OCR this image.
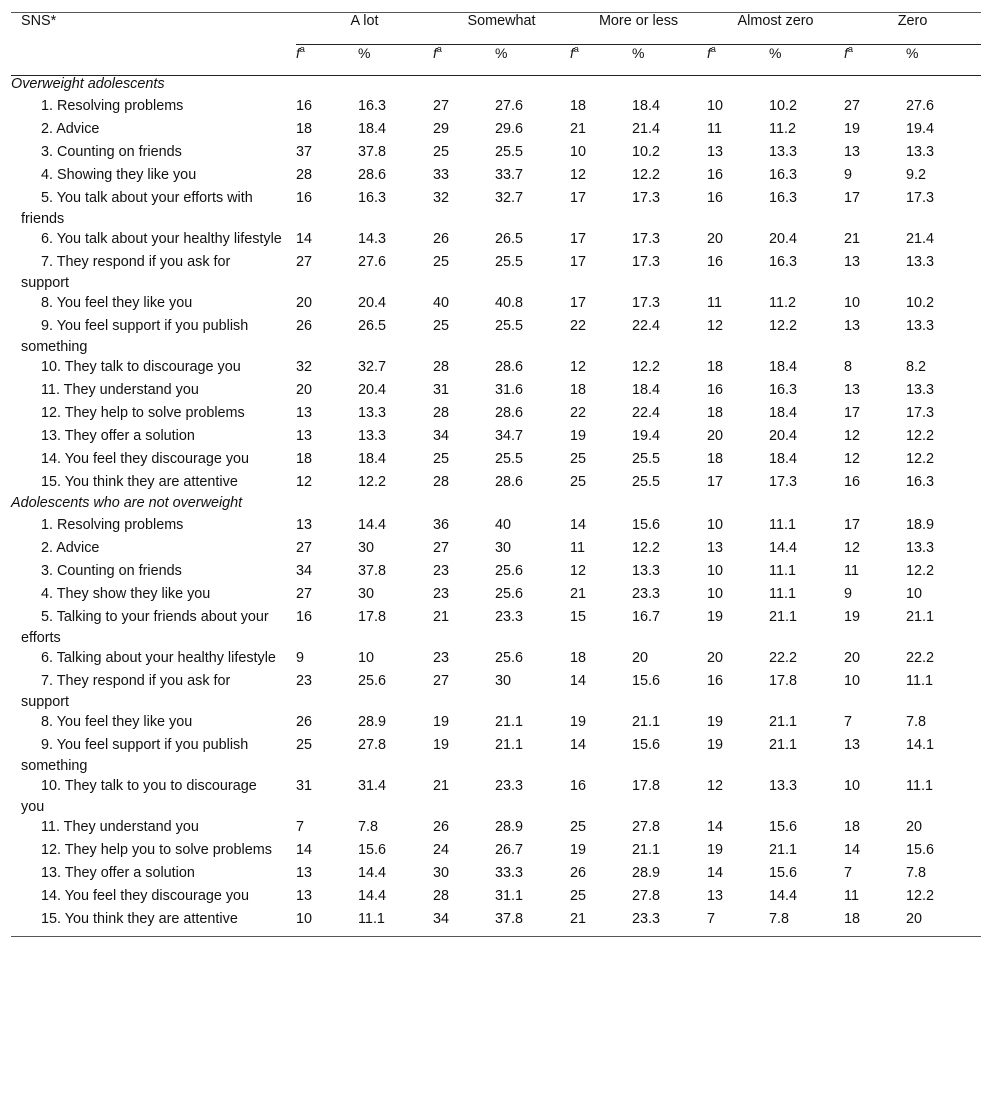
SNS*	A lot		Somewhat		More or less		Almost zero		Zero	
	$f^a$	%	$f^a$	%	$f^a$	%	$f^a$	%	$f^a$	%
Overweight adolescents										

1. Resolving problems	16	16.3	27	27.6	18	18.4	10	10.2	27	27.6

2. Advice	18	18.4	29	29.6	21	21.4	11	11.2	19	19.4

3. Counting on friends	37	37.8	25	25.5	10	10.2	13	13.3	13	13.3

4. Showing they like you	28	28.6	33	33.7	12	12.2	16	16.3	9	9.2

5. You talk about your efforts with friends	16	16.3	32	32.7	17	17.3	16	16.3	17	17.3

6. You talk about your healthy lifestyle	14	14.3	26	26.5	17	17.3	20	20.4	21	21.4

7. They respond if you ask for support	27	27.6	25	25.5	17	17.3	16	16.3	13	13.3

8. You feel they like you	20	20.4	40	40.8	17	17.3	11	11.2	10	10.2

9. You feel support if you publish something	26	26.5	25	25.5	22	22.4	12	12.2	13	13.3

10. They talk to discourage you	32	32.7	28	28.6	12	12.2	18	18.4	8	8.2

11. They understand you	20	20.4	31	31.6	18	18.4	16	16.3	13	13.3

12. They help to solve problems	13	13.3	28	28.6	22	22.4	18	18.4	17	17.3

13. They offer a solution	13	13.3	34	34.7	19	19.4	20	20.4	12	12.2

14. You feel they discourage you	18	18.4	25	25.5	25	25.5	18	18.4	12	12.2

15. You think they are attentive	12	12.2	28	28.6	25	25.5	17	17.3	16	16.3
Adolescents who are not overweight										

1. Resolving problems	13	14.4	36	40	14	15.6	10	11.1	17	18.9

2. Advice	27	30	27	30	11	12.2	13	14.4	12	13.3

3. Counting on friends	34	37.8	23	25.6	12	13.3	10	11.1	11	12.2

4. They show they like you	27	30	23	25.6	21	23.3	10	11.1	9	10

5. Talking to your friends about your efforts	16	17.8	21	23.3	15	16.7	19	21.1	19	21.1

6. Talking about your healthy lifestyle	9	10	23	25.6	18	20	20	22.2	20	22.2

7. They respond if you ask for support	23	25.6	27	30	14	15.6	16	17.8	10	11.1

8. You feel they like you	26	28.9	19	21.1	19	21.1	19	21.1	7	7.8

9. You feel support if you publish something	25	27.8	19	21.1	14	15.6	19	21.1	13	14.1

10. They talk to you to discourage you	31	31.4	21	23.3	16	17.8	12	13.3	10	11.1

11. They understand you	7	7.8	26	28.9	25	27.8	14	15.6	18	20

12. They help you to solve problems	14	15.6	24	26.7	19	21.1	19	21.1	14	15.6

13. They offer a solution	13	14.4	30	33.3	26	28.9	14	15.6	7	7.8

14. You feel they discourage you	13	14.4	28	31.1	25	27.8	13	14.4	11	12.2

15. You think they are attentive	10	11.1	34	37.8	21	23.3	7	7.8	18	20
